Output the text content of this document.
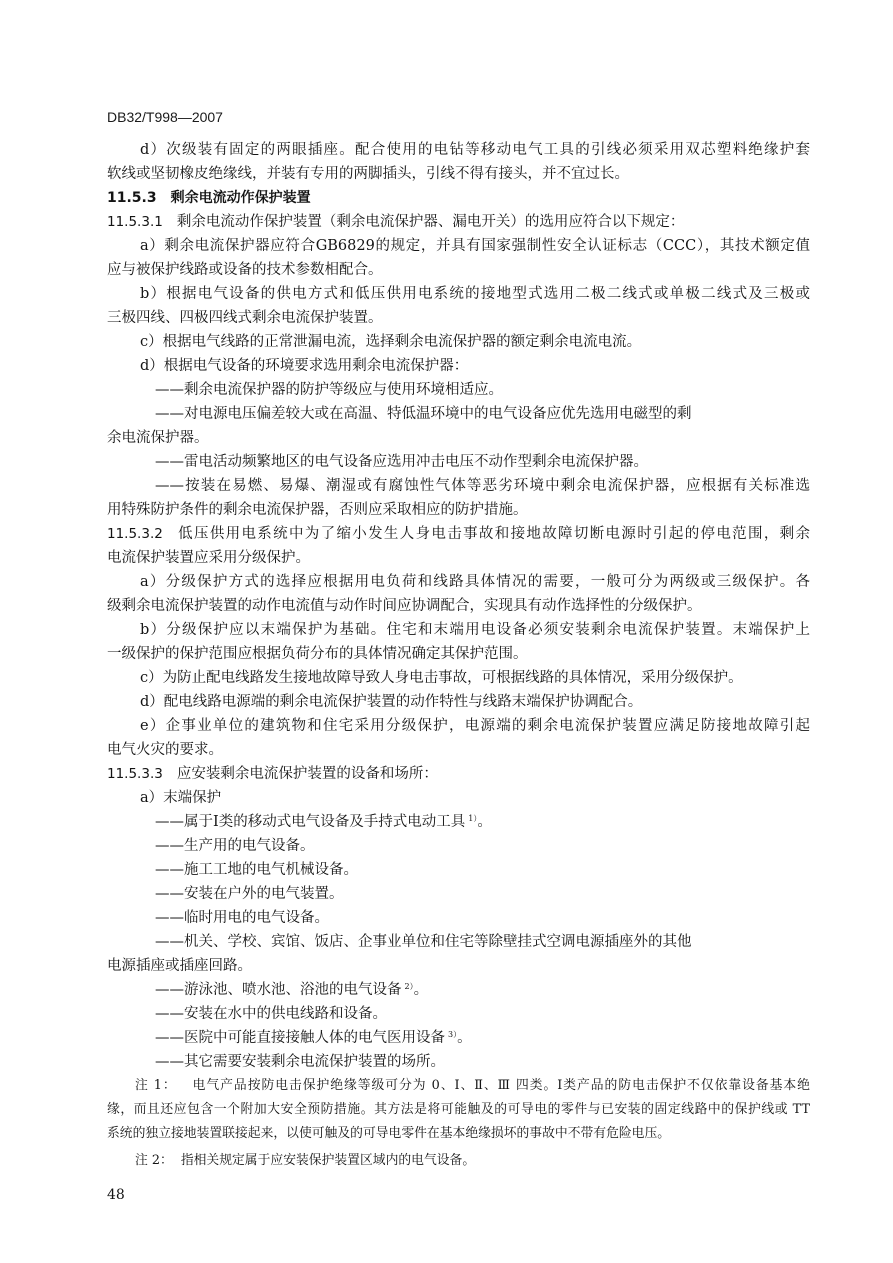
DB32/T998—2007
d）次级装有固定的两眼插座。配合使用的电钻等移动电气工具的引线必须采用双芯塑料绝缘护套
软线或坚韧橡皮绝缘线，并装有专用的两脚插头，引线不得有接头，并不宜过长。
11.5.3 剩余电流动作保护装置
11.5.3.1 剩余电流动作保护装置（剩余电流保护器、漏电开关）的选用应符合以下规定：
a）剩余电流保护器应符合GB6829的规定，并具有国家强制性安全认证标志（CCC），其技术额定值
应与被保护线路或设备的技术参数相配合。
b）根据电气设备的供电方式和低压供用电系统的接地型式选用二极二线式或单极二线式及三极或
三极四线、四极四线式剩余电流保护装置。
c）根据电气线路的正常泄漏电流，选择剩余电流保护器的额定剩余电流电流。
d）根据电气设备的环境要求选用剩余电流保护器：
——剩余电流保护器的防护等级应与使用环境相适应。
——对电源电压偏差较大或在高温、特低温环境中的电气设备应优先选用电磁型的剩
余电流保护器。
——雷电活动频繁地区的电气设备应选用冲击电压不动作型剩余电流保护器。
——按装在易燃、易爆、潮湿或有腐蚀性气体等恶劣环境中剩余电流保护器，应根据有关标准选
用特殊防护条件的剩余电流保护器，否则应采取相应的防护措施。
11.5.3.2 低压供用电系统中为了缩小发生人身电击事故和接地故障切断电源时引起的停电范围，剩余
电流保护装置应采用分级保护。
a）分级保护方式的选择应根据用电负荷和线路具体情况的需要，一般可分为两级或三级保护。各
级剩余电流保护装置的动作电流值与动作时间应协调配合，实现具有动作选择性的分级保护。
b）分级保护应以末端保护为基础。住宅和末端用电设备必须安装剩余电流保护装置。末端保护上
一级保护的保护范围应根据负荷分布的具体情况确定其保护范围。
c）为防止配电线路发生接地故障导致人身电击事故，可根据线路的具体情况，采用分级保护。
d）配电线路电源端的剩余电流保护装置的动作特性与线路末端保护协调配合。
e）企事业单位的建筑物和住宅采用分级保护，电源端的剩余电流保护装置应满足防接地故障引起
电气火灾的要求。
11.5.3.3 应安装剩余电流保护装置的设备和场所：
a）末端保护
——属于Ⅰ类的移动式电气设备及手持式电动工具 $^{1)}$。
——生产用的电气设备。
——施工工地的电气机械设备。
——安装在户外的电气装置。
——临时用电的电气设备。
——机关、学校、宾馆、饭店、企事业单位和住宅等除壁挂式空调电源插座外的其他
电源插座或插座回路。
——游泳池、喷水池、浴池的电气设备 $^{2)}$。
——安装在水中的供电线路和设备。
——医院中可能直接接触人体的电气医用设备 $^{3)}$。
——其它需要安装剩余电流保护装置的场所。
注 1： 电气产品按防电击保护绝缘等级可分为 0、Ⅰ、Ⅱ、Ⅲ 四类。Ⅰ类产品的防电击保护不仅依靠设备基本绝
缘，而且还应包含一个附加大安全预防措施。其方法是将可能触及的可导电的零件与已安装的固定线路中的保护线或 TT
系统的独立接地装置联接起来，以使可触及的可导电零件在基本绝缘损坏的事故中不带有危险电压。
注 2： 指相关规定属于应安装保护装置区域内的电气设备。
48
